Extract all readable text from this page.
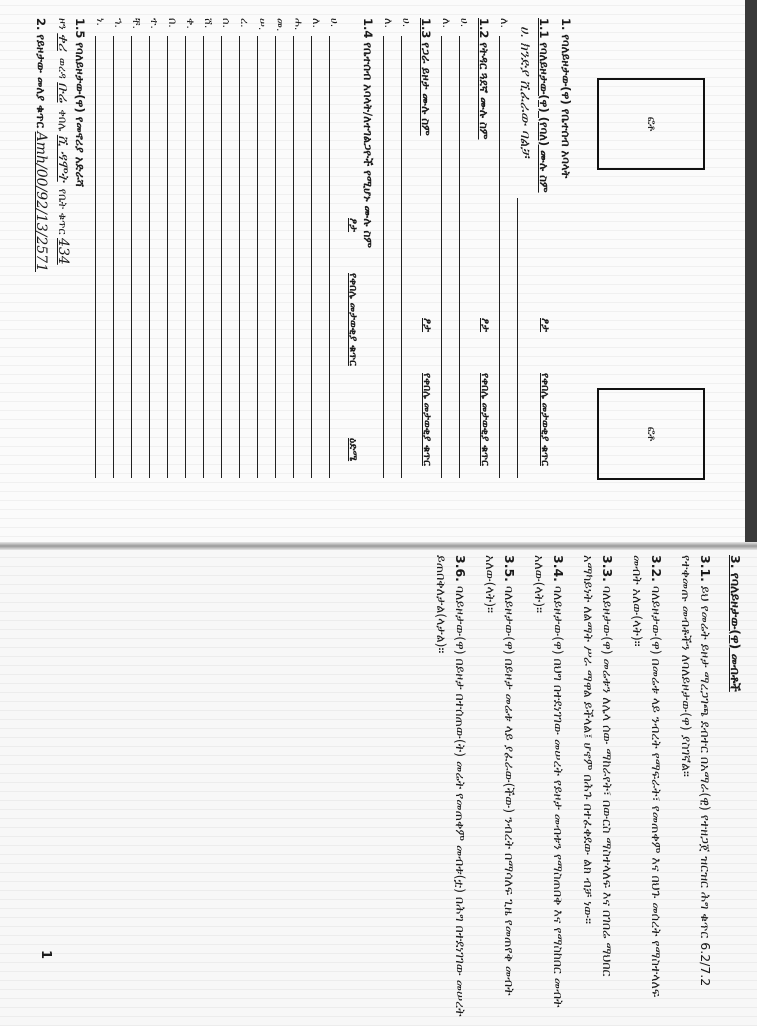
ፎቶ
ፎቶ
1. የባለይዞታው(ዋ) የቤተሰብ አባላት
1.1 የባለይዞታው(ዋ) (የባለ) ሙሉ ስም
ፆታ
የቀበሌ መታወቂያ ቁጥር
ሀ. ክንድያ ሺፈራው ባልቻ
ለ.
1.2 የትዳር ጓደኛ ሙሉ ስም
ፆታ
የቀበሌ መታወቂያ ቁጥር
ሀ.
ለ.
1.3 የጋራ ይዞታ ሙሉ ስም
ፆታ
የቀበሌ መታወቂያ ቁጥር
ሀ.
ለ.
1.4 የቤተሰብ አባላት/ለተገልጋዮች የሚሆኑ ሙሉ ስም
ፆታ
የቀበሌ መታወቂያ ቁጥር
ዕድሜ
ሀ.
ለ.
ሐ.
መ.
ሠ.
ረ.
ሰ.
ሸ.
ቀ.
በ.
ተ.
ቸ.
ኀ.
ነ.
1.5 የባለይዞታው(ዋ) የመኖሪያ አድራሻ
ዞን ቀሪ  ወረዳ ቡሬ  ቀበሌ ሺ ዳሞት  የቤት ቁጥር 434
2. የይዞታው መለያ ቁጥር Amh/00/92/13/2571

3. የባለይዞታው(ዋ) መብቶች

3.1. ይህ የመሬት ይዞታ ማረጋገጫ ደብተር በአማራ(ዊ) የተዘጋጀ ዝርዝር ሕግ ቁጥር 6.2/7.2 የተቀመጡ መብቶችን ለባለይዞታው(ዋ) ያስገኛል።

3.2. ባለይዞታው(ዋ) በመሬቱ ላይ ንብረት የማፍራት፣ የመጠቀም እና በህጉ መሰረት የማስተላለፍ መብት አለው(ላት)።

3.3. ባለይዞታው(ዋ) መሬቱን ለሌላ ሰው ማከራየት፣ በውርስ ማስተላለፍ እና በገበሬ ማህበር አማካይነት ለልማት ሥራ ማዋል ይችላል፤ ሆኖም በሕጉ በተፈቀደው ልክ ብቻ ነው።

3.4. ባለይዞታው(ዋ) በህግ በተደነገገው መሠረት የይዞታ መብቱን የማስጠበቅ እና የማስከበር መብት አለው(ላት)።

3.5. ባለይዞታው(ዋ) በይዞታ መሬቱ ላይ ያፈራው(ችው) ንብረት በማሳለፍ ጊዜ የመጠየቅ መብት አለው(ላት)።

3.6. ባለይዞታው(ዋ) በይዞታ በተሰጠው(ት) መሬት የመጠቀም መብቱ(ቷ) በሕግ በተደነገገው መሠረት ይጠበቅለታል(ላታል)።

1
